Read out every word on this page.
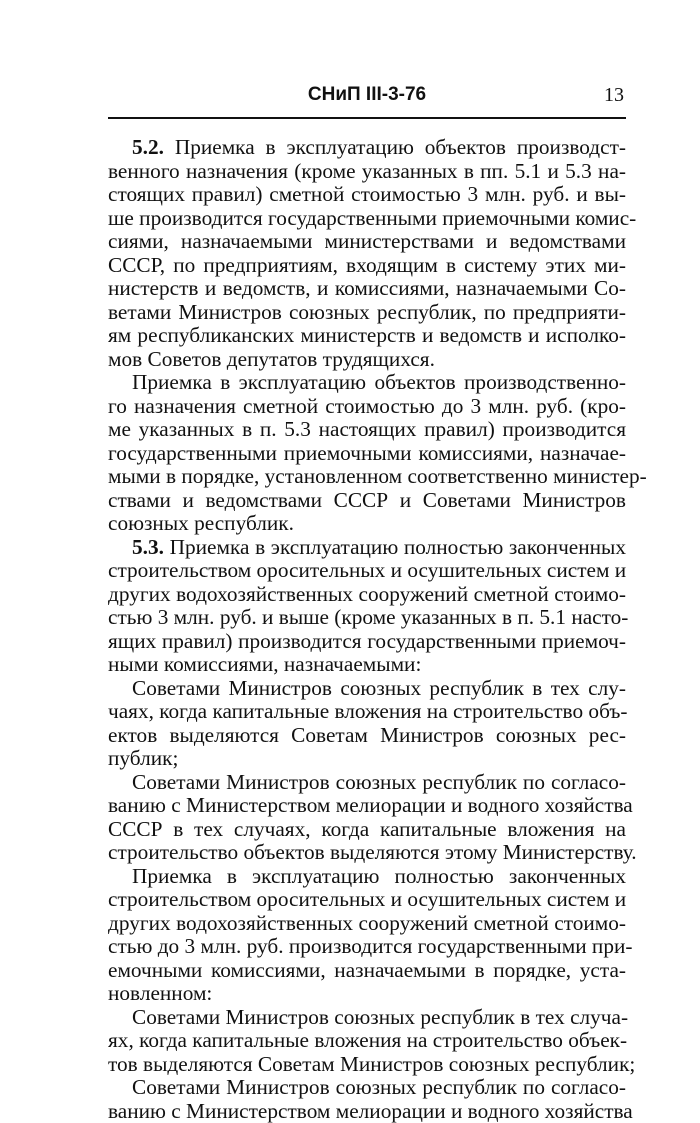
СНиП III-3-76	13
5.2. Приемка в эксплуатацию объектов производст-
венного назначения (кроме указанных в пп. 5.1 и 5.3 на-
стоящих правил) сметной стоимостью 3 млн. руб. и вы-
ше производится государственными приемочными комис-
сиями, назначаемыми министерствами и ведомствами
СССР, по предприятиям, входящим в систему этих ми-
нистерств и ведомств, и комиссиями, назначаемыми Со-
ветами Министров союзных республик, по предприяти-
ям республиканских министерств и ведомств и исполко-
мов Советов депутатов трудящихся.
Приемка в эксплуатацию объектов производственно-
го назначения сметной стоимостью до 3 млн. руб. (кро-
ме указанных в п. 5.3 настоящих правил) производится
государственными приемочными комиссиями, назначае-
мыми в порядке, установленном соответственно министер-
ствами и ведомствами СССР и Советами Министров
союзных республик.
5.3. Приемка в эксплуатацию полностью законченных
строительством оросительных и осушительных систем и
других водохозяйственных сооружений сметной стоимо-
стью 3 млн. руб. и выше (кроме указанных в п. 5.1 насто-
ящих правил) производится государственными приемоч-
ными комиссиями, назначаемыми:
Советами Министров союзных республик в тех слу-
чаях, когда капитальные вложения на строительство объ-
ектов выделяются Советам Министров союзных рес-
публик;
Советами Министров союзных республик по согласо-
ванию с Министерством мелиорации и водного хозяйства
СССР в тех случаях, когда капитальные вложения на
строительство объектов выделяются этому Министерству.
Приемка в эксплуатацию полностью законченных
строительством оросительных и осушительных систем и
других водохозяйственных сооружений сметной стоимо-
стью до 3 млн. руб. производится государственными при-
емочными комиссиями, назначаемыми в порядке, уста-
новленном:
Советами Министров союзных республик в тех случа-
ях, когда капитальные вложения на строительство объек-
тов выделяются Советам Министров союзных республик;
Советами Министров союзных республик по согласо-
ванию с Министерством мелиорации и водного хозяйства
